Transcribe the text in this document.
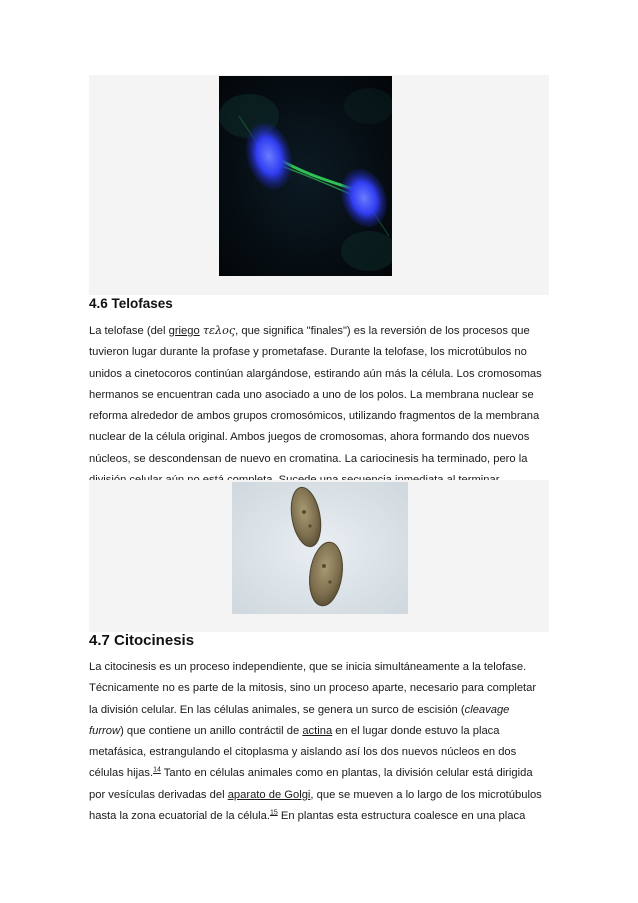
4.6 Telofases
La telofase (del griego τελος, que significa "finales") es la reversión de los procesos que
tuvieron lugar durante la profase y prometafase. Durante la telofase, los microtúbulos no
unidos a cinetocoros continúan alargándose, estirando aún más la célula. Los cromosomas
hermanos se encuentran cada uno asociado a uno de los polos. La membrana nuclear se
reforma alrededor de ambos grupos cromosómicos, utilizando fragmentos de la membrana
nuclear de la célula original. Ambos juegos de cromosomas, ahora formando dos nuevos
núcleos, se descondensan de nuevo en cromatina. La cariocinesis ha terminado, pero la
4.7 Citocinesis
La citocinesis es un proceso independiente, que se inicia simultáneamente a la telofase.
Técnicamente no es parte de la mitosis, sino un proceso aparte, necesario para completar
la división celular. En las células animales, se genera un surco de escisión (cleavage
furrow) que contiene un anillo contráctil de actina en el lugar donde estuvo la placa
metafásica, estrangulando el citoplasma y aislando así los dos nuevos núcleos en dos
células hijas.$^{14}$ Tanto en células animales como en plantas, la división celular está dirigida
por vesículas derivadas del aparato de Golgi, que se mueven a lo largo de los microtúbulos
hasta la zona ecuatorial de la célula.$^{15}$ En plantas esta estructura coalesce en una placa
